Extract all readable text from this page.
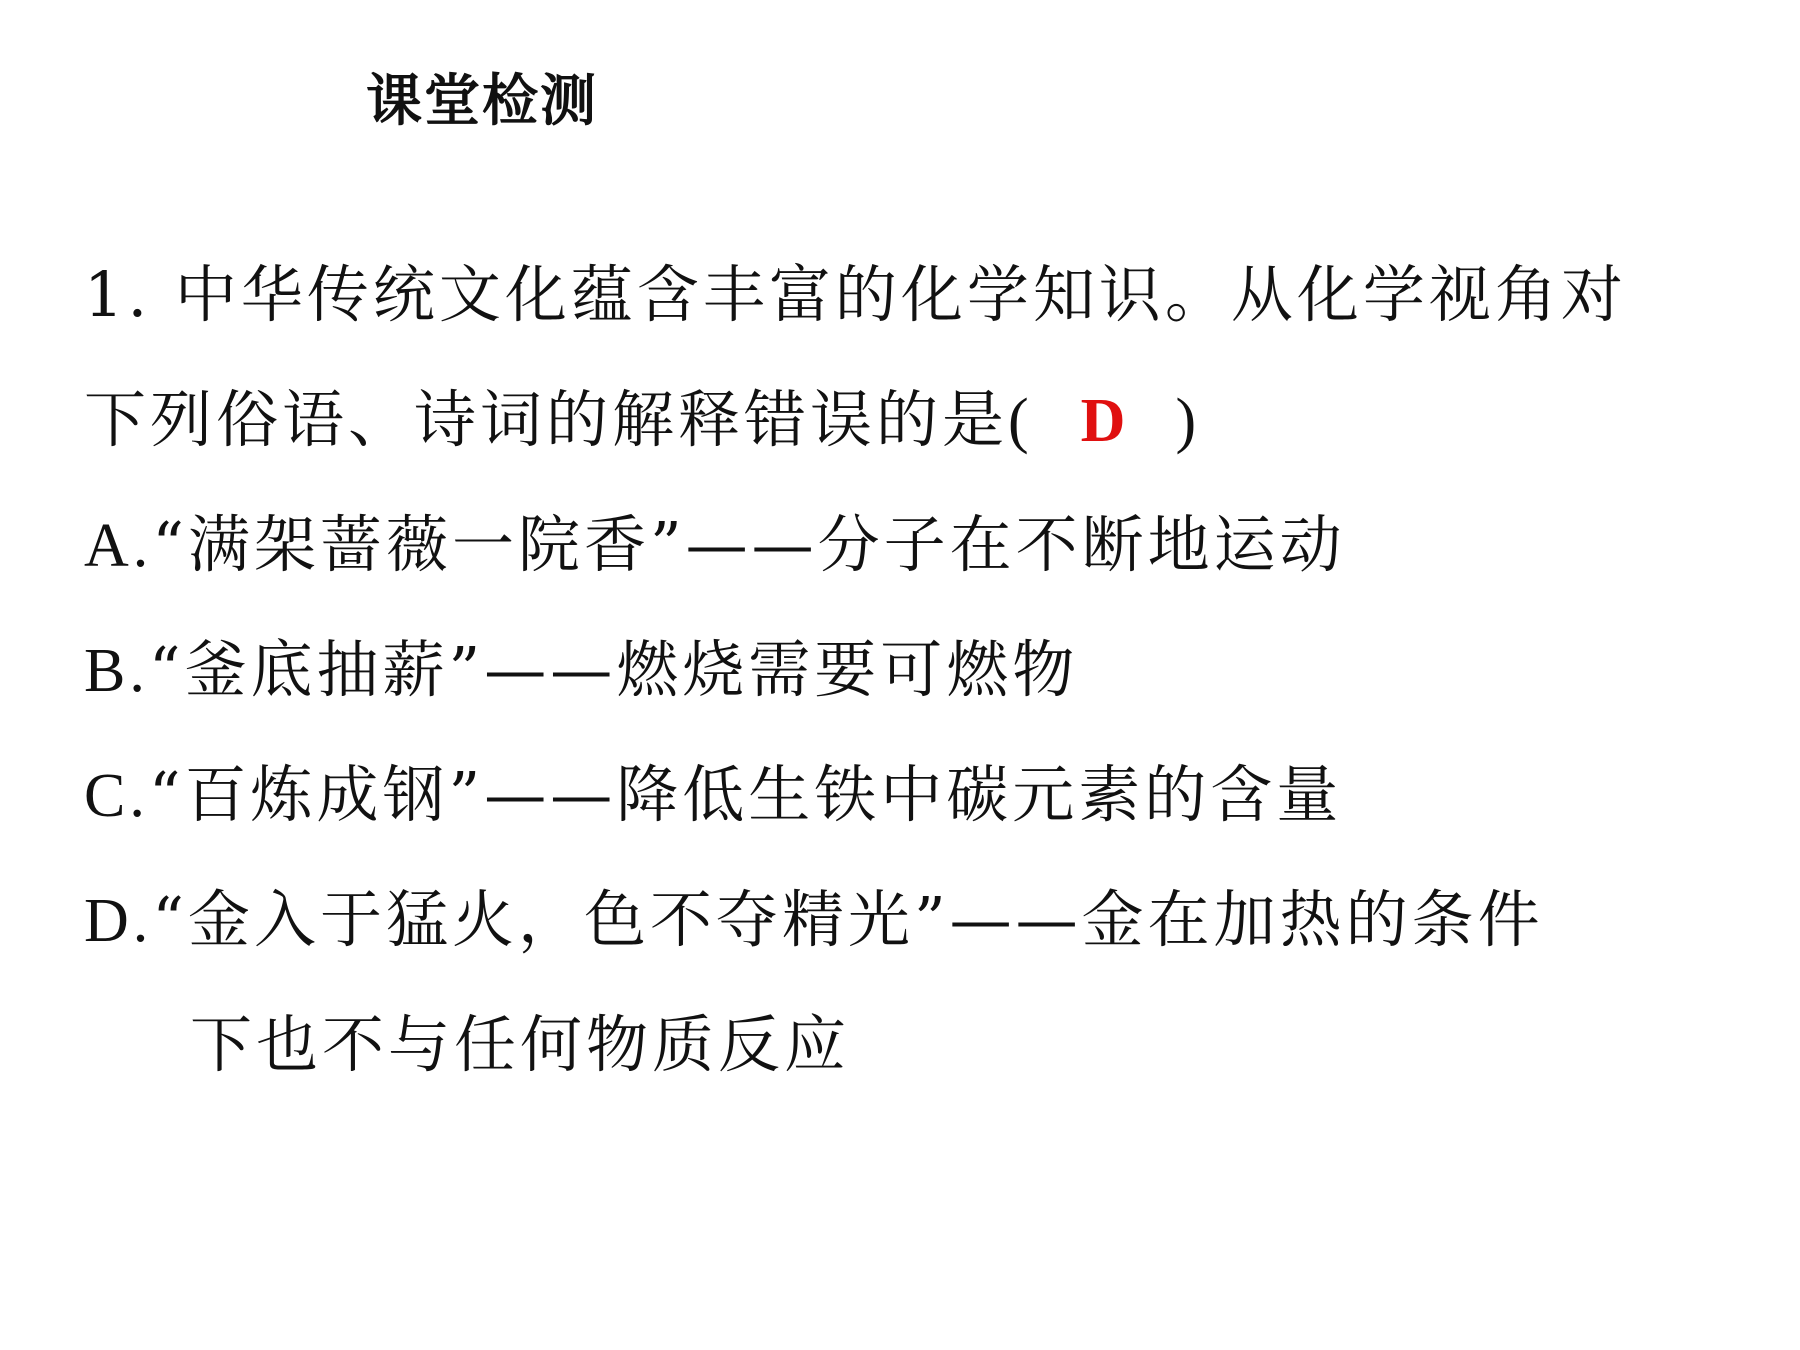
课堂检测
1. 中华传统文化蕴含丰富的化学知识。从化学视角对
下列俗语、诗词的解释错误的是( D )
A.“满架蔷薇一院香”——分子在不断地运动
B.“釜底抽薪”——燃烧需要可燃物
C.“百炼成钢”——降低生铁中碳元素的含量
D.“金入于猛火，色不夺精光”——金在加热的条件
下也不与任何物质反应
